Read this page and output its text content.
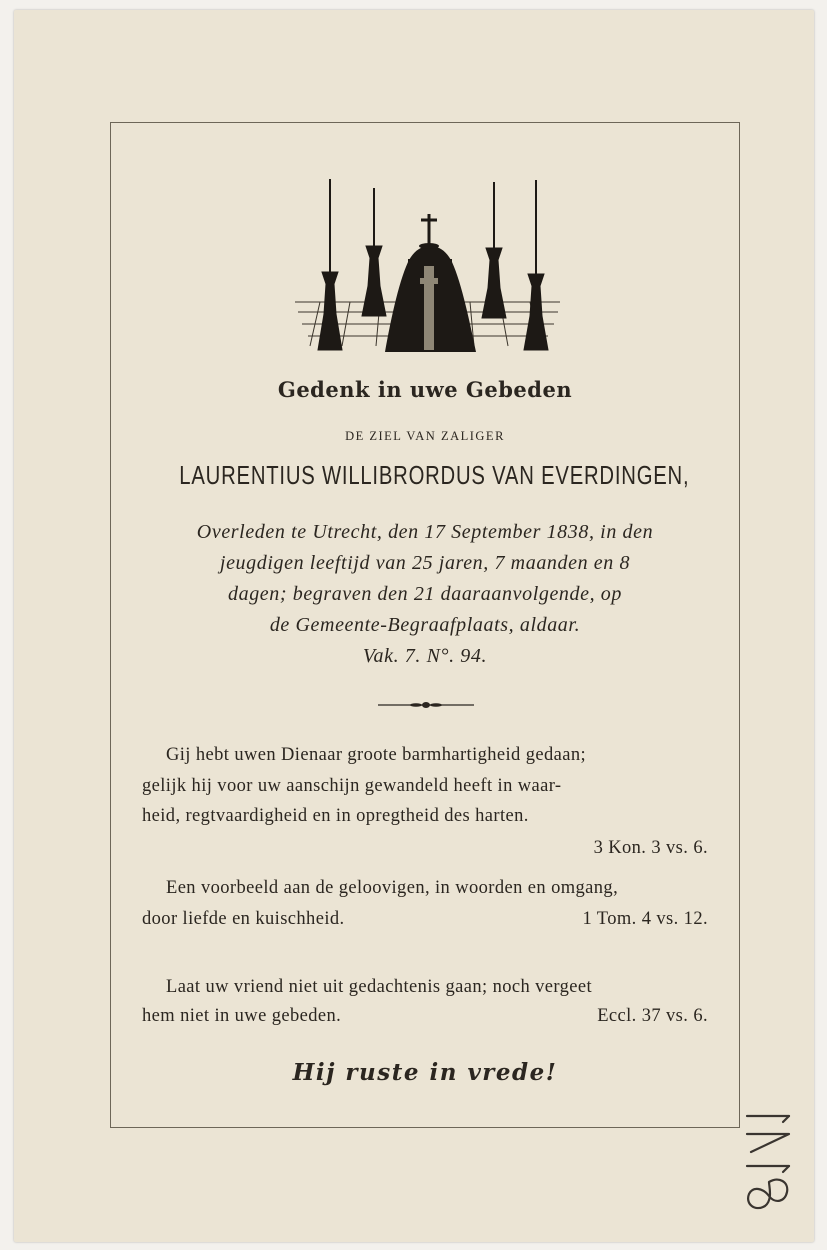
Gedenk in uwe Gebeden
DE ZIEL VAN ZALIGER
LAURENTIUS WILLIBRORDUS VAN EVERDINGEN,
Overleden te Utrecht, den 17 September 1838, in den
jeugdigen leeftijd van 25 jaren, 7 maanden en 8
dagen; begraven den 21 daaraanvolgende, op
de Gemeente-Begraafplaats, aldaar.
Vak. 7. N°. 94.
Gij hebt uwen Dienaar groote barmhartigheid gedaan;
gelijk hij voor uw aanschijn gewandeld heeft in waar-
heid, regtvaardigheid en in opregtheid des harten.
3 Kon. 3 vs. 6.
Een voorbeeld aan de geloovigen, in woorden en omgang,
door liefde en kuischheid.	1 Tom. 4 vs. 12.
Laat uw vriend niet uit gedachtenis gaan; noch vergeet
hem niet in uwe gebeden.	Eccl. 37 vs. 6.
Hij ruste in vrede!
